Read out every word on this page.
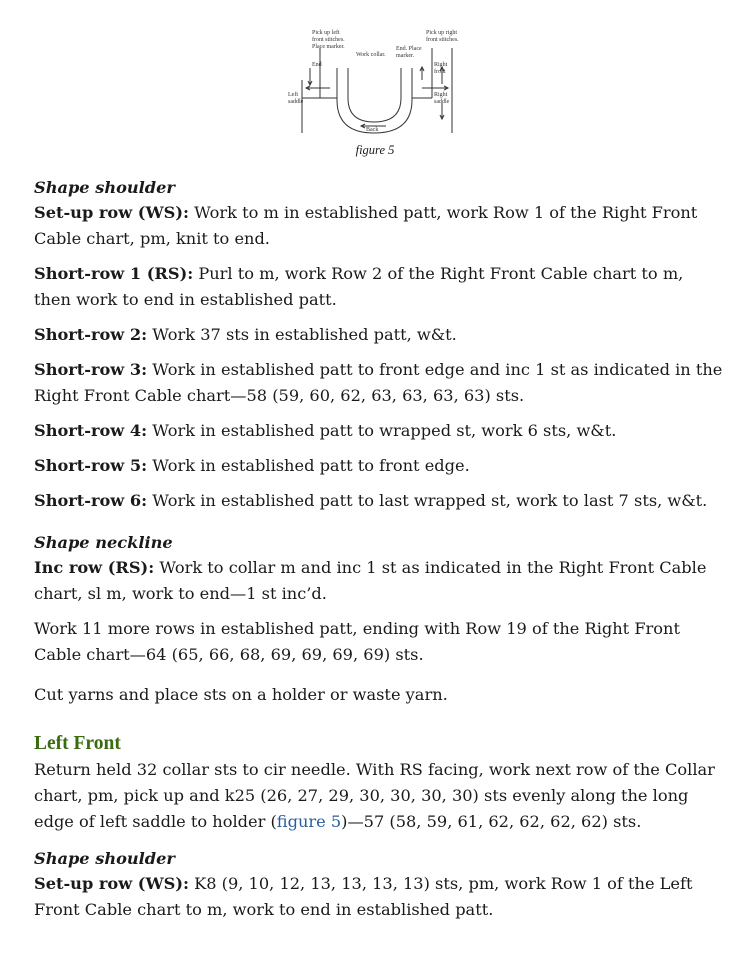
Pick up left
front stitches.
Place marker.
Work collar.
End. Place
marker.
Pick up right
front stitches.
End
Left
saddle
Right
front
Right
saddle
Back
figure 5
Shape shoulder

Set-up row (WS): Work to m in established patt, work Row 1 of the Right Front Cable chart, pm, knit to end.

Short-row 1 (RS): Purl to m, work Row 2 of the Right Front Cable chart to m, then work to end in established patt.

Short-row 2: Work 37 sts in established patt, w&t.

Short-row 3: Work in established patt to front edge and inc 1 st as indicated in the Right Front Cable chart—58 (59, 60, 62, 63, 63, 63, 63) sts.

Short-row 4: Work in established patt to wrapped st, work 6 sts, w&t.

Short-row 5: Work in established patt to front edge.

Short-row 6: Work in established patt to last wrapped st, work to last 7 sts, w&t.

Shape neckline

Inc row (RS): Work to collar m and inc 1 st as indicated in the Right Front Cable chart, sl m, work to end—1 st inc’d.

Work 11 more rows in established patt, ending with Row 19 of the Right Front Cable chart—64 (65, 66, 68, 69, 69, 69, 69) sts.

Cut yarns and place sts on a holder or waste yarn.

Left Front

Return held 32 collar sts to cir needle. With RS facing, work next row of the Collar chart, pm, pick up and k25 (26, 27, 29, 30, 30, 30, 30) sts evenly along the long edge of left saddle to holder (figure 5)—57 (58, 59, 61, 62, 62, 62, 62) sts.

Shape shoulder

Set-up row (WS): K8 (9, 10, 12, 13, 13, 13, 13) sts, pm, work Row 1 of the Left Front Cable chart to m, work to end in established patt.
